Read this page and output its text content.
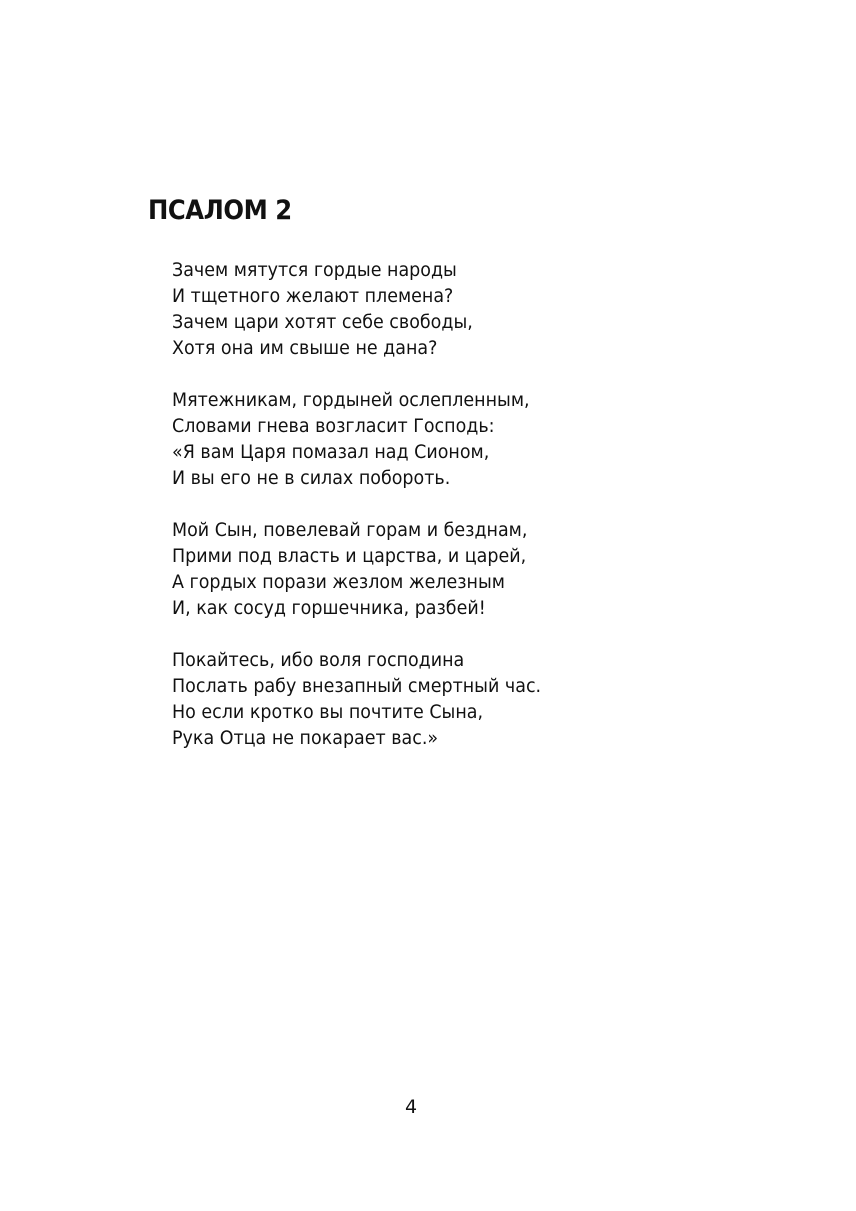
ПСАЛОМ 2
Зачем мятутся гордые народы
И тщетного желают племена?
Зачем цари хотят себе свободы,
Хотя она им свыше не дана?
Мятежникам, гордыней ослепленным,
Словами гнева возгласит Господь:
«Я вам Царя помазал над Сионом,
И вы его не в силах побороть.
Мой Сын, повелевай горам и безднам,
Прими под власть и царства, и царей,
А гордых порази жезлом железным
И, как сосуд горшечника, разбей!
Покайтесь, ибо воля господина
Послать рабу внезапный смертный час.
Но если кротко вы почтите Сына,
Рука Отца не покарает вас.»
4
